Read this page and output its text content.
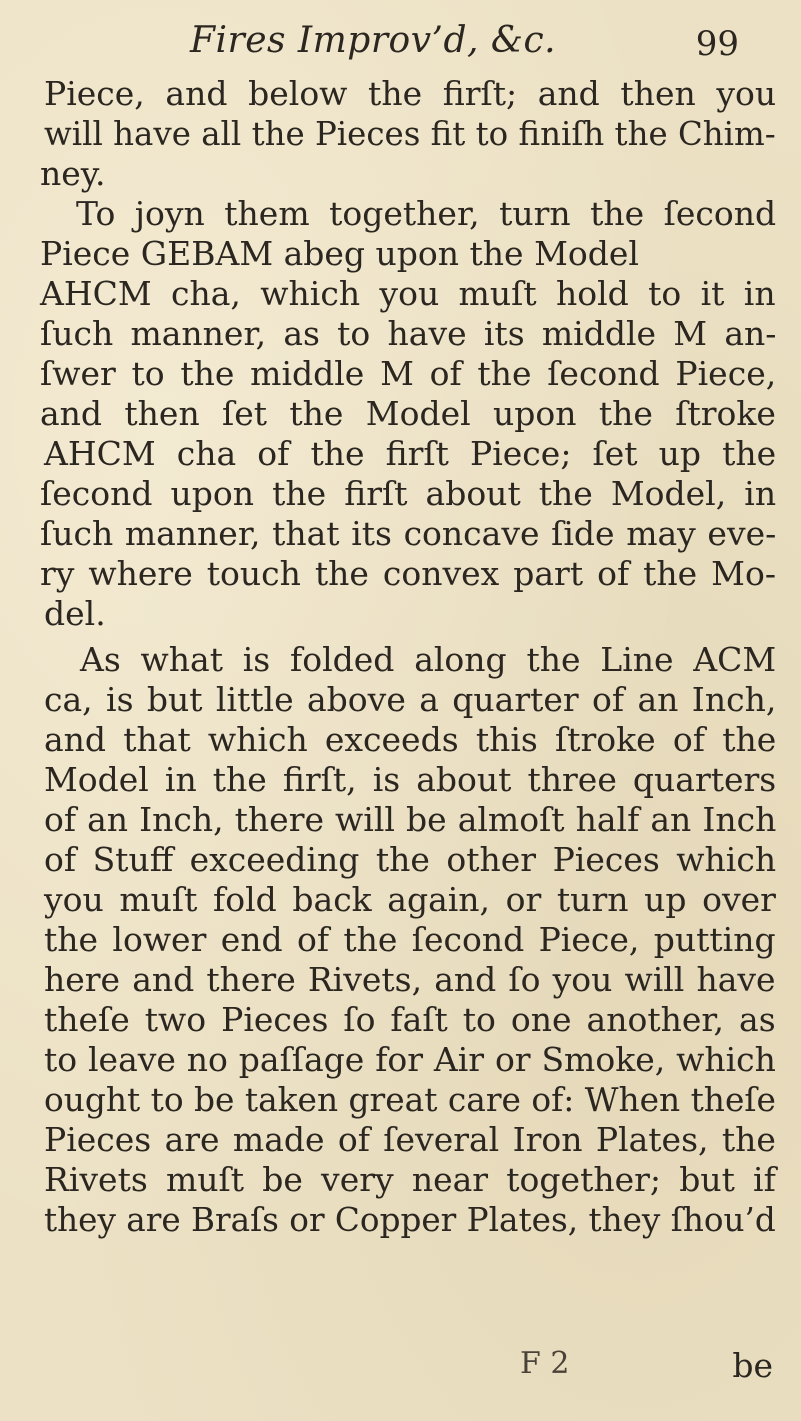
Fires Improv’d, &c.	99
Piece, and below the firſt; and then you
will have all the Pieces fit to finiſh the Chim-
ney.
To joyn them together, turn the ſecond
Piece GEBAM abeg upon the Model
AHCM cha, which you muſt hold to it in
ſuch manner, as to have its middle M an-
ſwer to the middle M of the ſecond Piece,
and then ſet the Model upon the ſtroke
AHCM cha of the firſt Piece; ſet up the
ſecond upon the firſt about the Model, in
ſuch manner, that its concave ſide may eve-
ry where touch the convex part of the Mo-
del.
As what is folded along the Line ACM
ca, is but little above a quarter of an Inch,
and that which exceeds this ſtroke of the
Model in the firſt, is about three quarters
of an Inch, there will be almoſt half an Inch
of Stuff exceeding the other Pieces which
you muſt fold back again, or turn up over
the lower end of the ſecond Piece, putting
here and there Rivets, and ſo you will have
theſe two Pieces ſo faſt to one another, as
to leave no paſſage for Air or Smoke, which
ought to be taken great care of: When theſe
Pieces are made of ſeveral Iron Plates, the
Rivets muſt be very near together; but if
they are Braſs or Copper Plates, they ſhou’d
F 2	be
